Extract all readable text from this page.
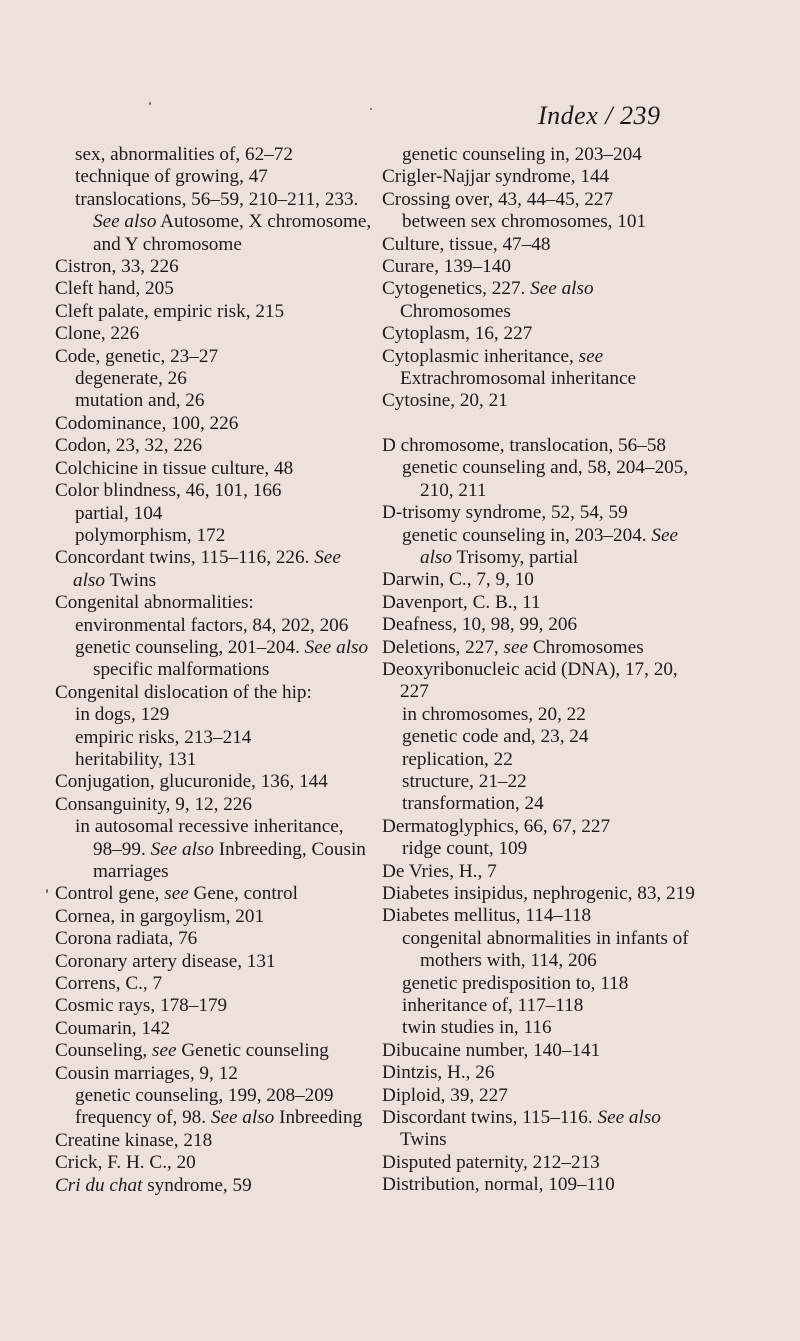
Index / 239

sex, abnormalities of, 62–72

technique of growing, 47

translocations, 56–59, 210–211, 233. See also Autosome, X chromosome, and Y chromosome

Cistron, 33, 226

Cleft hand, 205

Cleft palate, empiric risk, 215

Clone, 226

Code, genetic, 23–27

degenerate, 26

mutation and, 26

Codominance, 100, 226

Codon, 23, 32, 226

Colchicine in tissue culture, 48

Color blindness, 46, 101, 166

partial, 104

polymorphism, 172

Concordant twins, 115–116, 226. See also Twins

Congenital abnormalities:

environmental factors, 84, 202, 206

genetic counseling, 201–204. See also specific malformations

Congenital dislocation of the hip:

in dogs, 129

empiric risks, 213–214

heritability, 131

Conjugation, glucuronide, 136, 144

Consanguinity, 9, 12, 226

in autosomal recessive inheritance, 98–99. See also Inbreeding, Cousin marriages

Control gene, see Gene, control

Cornea, in gargoylism, 201

Corona radiata, 76

Coronary artery disease, 131

Correns, C., 7

Cosmic rays, 178–179

Coumarin, 142

Counseling, see Genetic counseling

Cousin marriages, 9, 12

genetic counseling, 199, 208–209

frequency of, 98. See also Inbreeding

Creatine kinase, 218

Crick, F. H. C., 20

Cri du chat syndrome, 59

genetic counseling in, 203–204

Crigler-Najjar syndrome, 144

Crossing over, 43, 44–45, 227

between sex chromosomes, 101

Culture, tissue, 47–48

Curare, 139–140

Cytogenetics, 227. See also Chromosomes

Cytoplasm, 16, 227

Cytoplasmic inheritance, see Extrachromosomal inheritance

Cytosine, 20, 21

D chromosome, translocation, 56–58

genetic counseling and, 58, 204–205, 210, 211

D-trisomy syndrome, 52, 54, 59

genetic counseling in, 203–204. See also Trisomy, partial

Darwin, C., 7, 9, 10

Davenport, C. B., 11

Deafness, 10, 98, 99, 206

Deletions, 227, see Chromosomes

Deoxyribonucleic acid (DNA), 17, 20, 227

in chromosomes, 20, 22

genetic code and, 23, 24

replication, 22

structure, 21–22

transformation, 24

Dermatoglyphics, 66, 67, 227

ridge count, 109

De Vries, H., 7

Diabetes insipidus, nephrogenic, 83, 219

Diabetes mellitus, 114–118

congenital abnormalities in infants of mothers with, 114, 206

genetic predisposition to, 118

inheritance of, 117–118

twin studies in, 116

Dibucaine number, 140–141

Dintzis, H., 26

Diploid, 39, 227

Discordant twins, 115–116. See also Twins

Disputed paternity, 212–213

Distribution, normal, 109–110
